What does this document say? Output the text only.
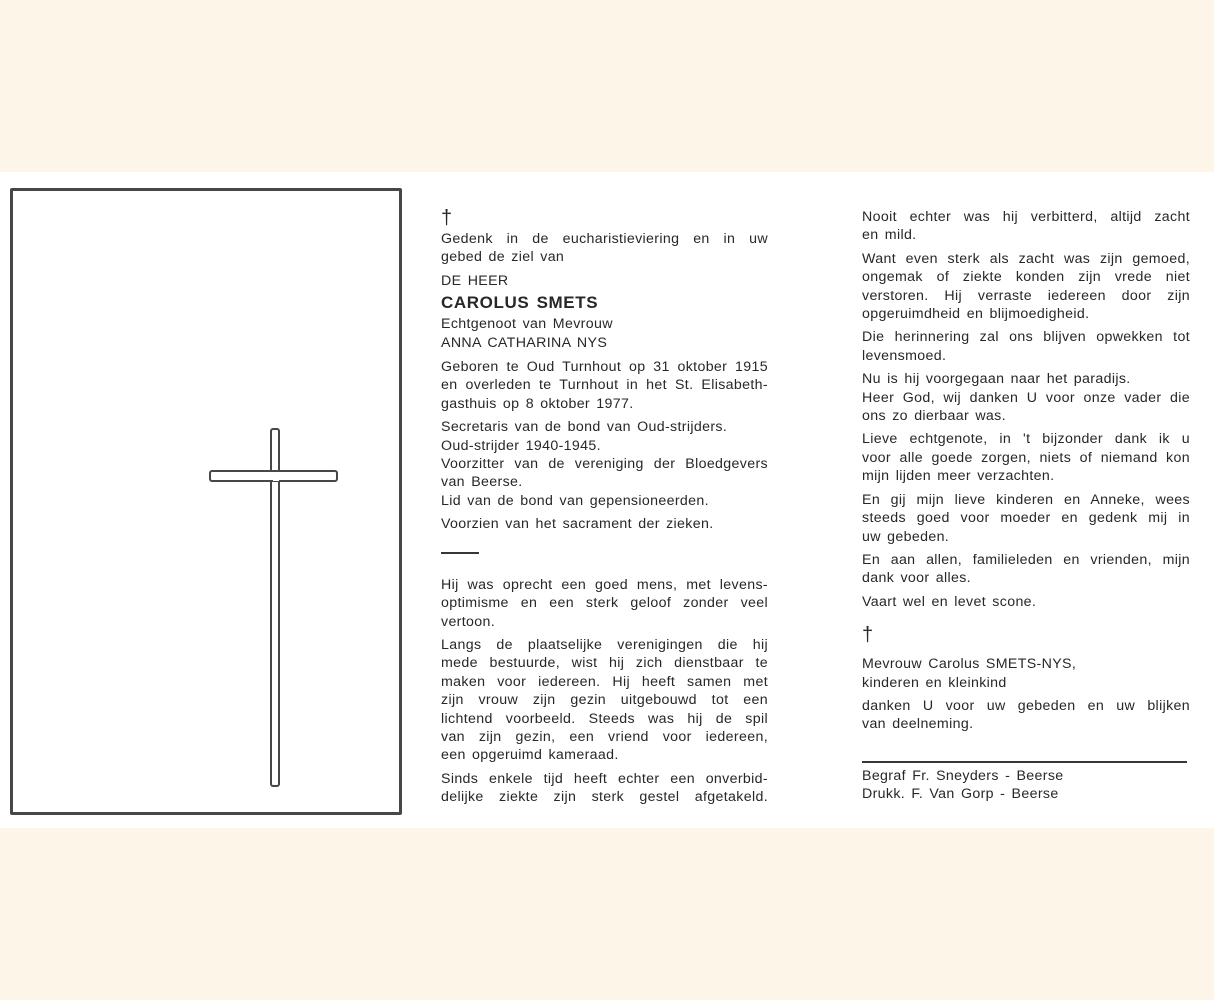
†
Gedenk in de eucharistieviering en in uw
gebed de ziel van
DE HEER
CAROLUS SMETS
Echtgenoot van Mevrouw
ANNA CATHARINA NYS
Geboren te Oud Turnhout op 31 oktober 1915
en overleden te Turnhout in het St. Elisabeth-
gasthuis op 8 oktober 1977.
Secretaris van de bond van Oud-strijders.
Oud-strijder 1940-1945.
Voorzitter van de vereniging der Bloedgevers
van Beerse.
Lid van de bond van gepensioneerden.
Voorzien van het sacrament der zieken.
Hij was oprecht een goed mens, met levens-
optimisme en een sterk geloof zonder veel
vertoon.
Langs de plaatselijke verenigingen die hij
mede bestuurde, wist hij zich dienstbaar te
maken voor iedereen. Hij heeft samen met
zijn vrouw zijn gezin uitgebouwd tot een
lichtend voorbeeld. Steeds was hij de spil
van zijn gezin, een vriend voor iedereen,
een opgeruimd kameraad.
Sinds enkele tijd heeft echter een onverbid-
delijke ziekte zijn sterk gestel afgetakeld.
Nooit echter was hij verbitterd, altijd zacht
en mild.
Want even sterk als zacht was zijn gemoed,
ongemak of ziekte konden zijn vrede niet
verstoren. Hij verraste iedereen door zijn
opgeruimdheid en blijmoedigheid.
Die herinnering zal ons blijven opwekken tot
levensmoed.
Nu is hij voorgegaan naar het paradijs.
Heer God, wij danken U voor onze vader die
ons zo dierbaar was.
Lieve echtgenote, in 't bijzonder dank ik u
voor alle goede zorgen, niets of niemand kon
mijn lijden meer verzachten.
En gij mijn lieve kinderen en Anneke, wees
steeds goed voor moeder en gedenk mij in
uw gebeden.
En aan allen, familieleden en vrienden, mijn
dank voor alles.
Vaart wel en levet scone.
†
Mevrouw Carolus SMETS-NYS,
kinderen en kleinkind
danken U voor uw gebeden en uw blijken
van deelneming.
Begraf Fr. Sneyders - Beerse
Drukk. F. Van Gorp - Beerse
